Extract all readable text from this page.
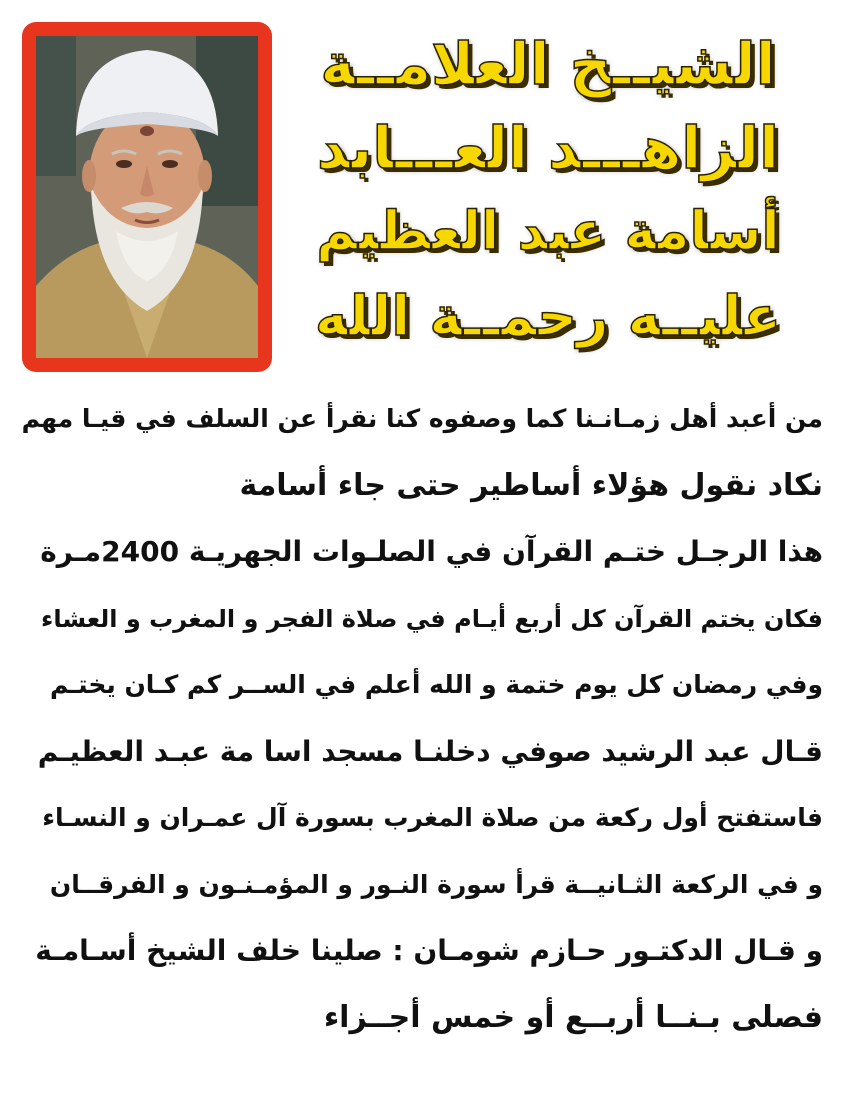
الشيــخ العلامــة
الزاهـــد العـــابد
أسامة عبد العظيم
عليــه رحمــة الله
من أعبد أهل زمـانـنا كما وصفوه كنا نقرأ عن السلف في قيـا مهم
نكاد نقول هؤلاء أساطير حتى جاء أسامة
هذا الرجـل ختـم القرآن في الصلـوات الجهريـة 2400مـرة
فكان يختم القرآن كل أربع أيـام في صلاة الفجر و المغرب و العشاء
وفي رمضان كل يوم ختمة و الله أعلم في الســر كم كـان يختـم
قـال عبد الرشيد صوفي دخلنـا مسجد اسا مة عبـد العظيـم
فاستفتح أول ركعة من صلاة المغرب بسورة آل عمـران و النسـاء
و في الركعة الثـانيــة قرأ سورة النـور و المؤمـنـون و الفرقــان
و قـال الدكتـور حـازم شومـان : صلينا خلف الشيخ أسـامـة
فصلى بـنــا أربــع أو خمس أجــزاء
